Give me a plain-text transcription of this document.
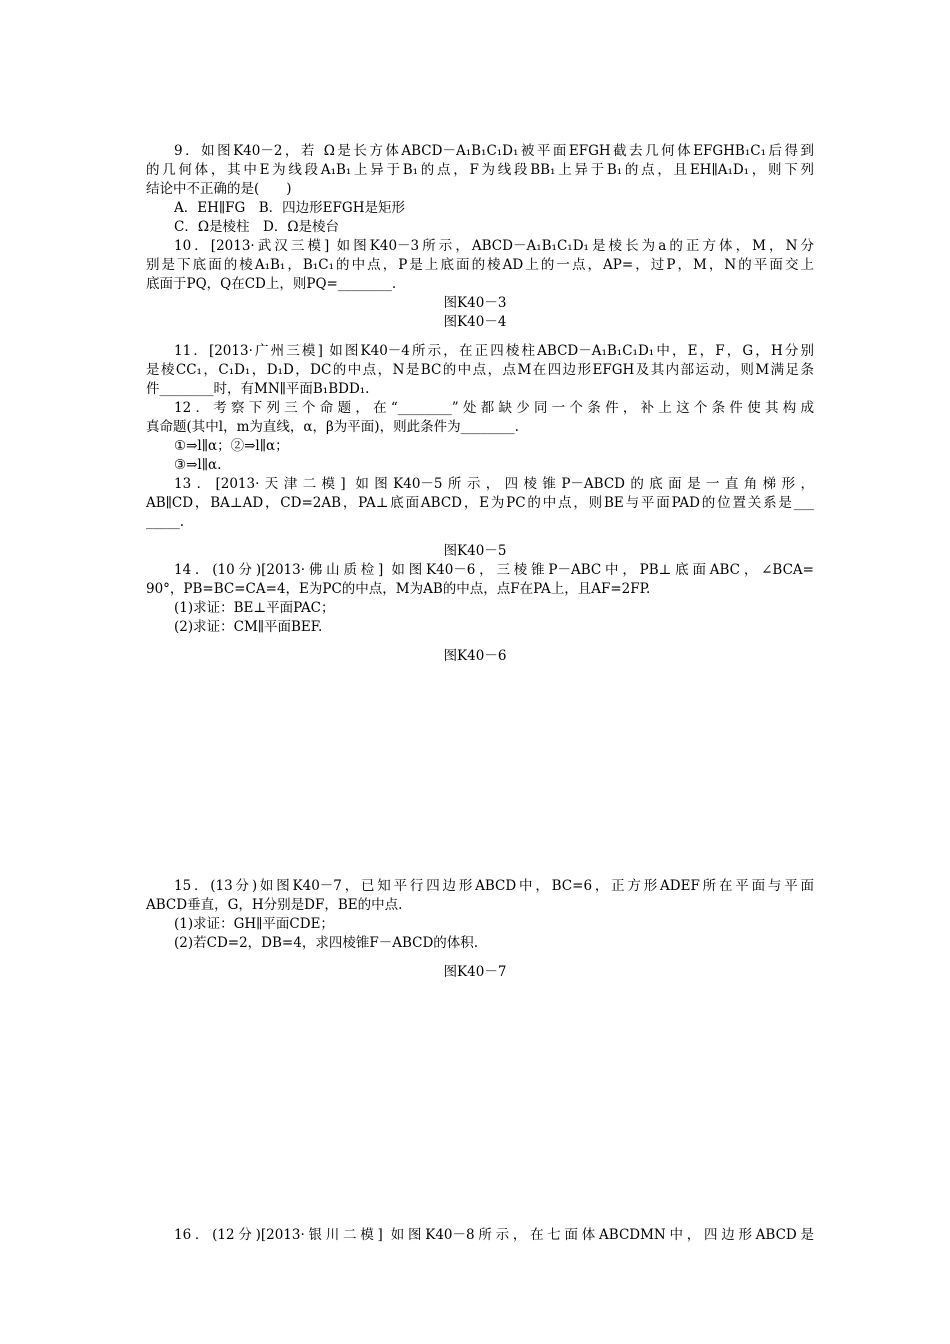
9．如图K40－2，若 Ω是长方体ABCD－A₁B₁C₁D₁被平面EFGH截去几何体EFGHB₁C₁后得到
的几何体，其中E为线段A₁B₁上异于B₁的点，F为线段BB₁上异于B₁的点，且EH∥A₁D₁，则下列
结论中不正确的是(　　)
A．EH∥FG　B．四边形EFGH是矩形
C．Ω是棱柱　D．Ω是棱台
10．[2013·武汉三模] 如图K40－3所示，ABCD－A₁B₁C₁D₁是棱长为a的正方体，M，N分
别是下底面的棱A₁B₁，B₁C₁的中点，P是上底面的棱AD上的一点，AP=，过P，M，N的平面交上
底面于PQ，Q在CD上，则PQ=________.
图K40－3
图K40－4
11．[2013·广州三模] 如图K40－4所示，在正四棱柱ABCD－A₁B₁C₁D₁中，E，F，G，H分别
是棱CC₁，C₁D₁，D₁D，DC的中点，N是BC的中点，点M在四边形EFGH及其内部运动，则M满足条
件________时，有MN∥平面B₁BDD₁.
12．考察下列三个命题，在“________”处都缺少同一个条件，补上这个条件使其构成
真命题(其中l，m为直线，α，β为平面)，则此条件为________.
①⇒l∥α；②⇒l∥α；
③⇒l∥α.
13．[2013·天津二模] 如图K40－5所示，四棱锥P－ABCD的底面是一直角梯形，
AB∥CD，BA⊥AD，CD=2AB，PA⊥底面ABCD，E为PC的中点，则BE与平面PAD的位置关系是___
_____.
图K40－5
14．(10分)[2013·佛山质检] 如图K40－6，三棱锥P－ABC中，PB⊥底面ABC，∠BCA=
90°，PB=BC=CA=4，E为PC的中点，M为AB的中点，点F在PA上，且AF=2FP.
(1)求证：BE⊥平面PAC；
(2)求证：CM∥平面BEF.
图K40－6
15．(13分)如图K40－7，已知平行四边形ABCD中，BC=6，正方形ADEF所在平面与平面
ABCD垂直，G，H分别是DF，BE的中点.
(1)求证：GH∥平面CDE；
(2)若CD=2，DB=4，求四棱锥F－ABCD的体积.
图K40－7
16．(12分)[2013·银川二模] 如图K40－8所示，在七面体ABCDMN中，四边形ABCD是
